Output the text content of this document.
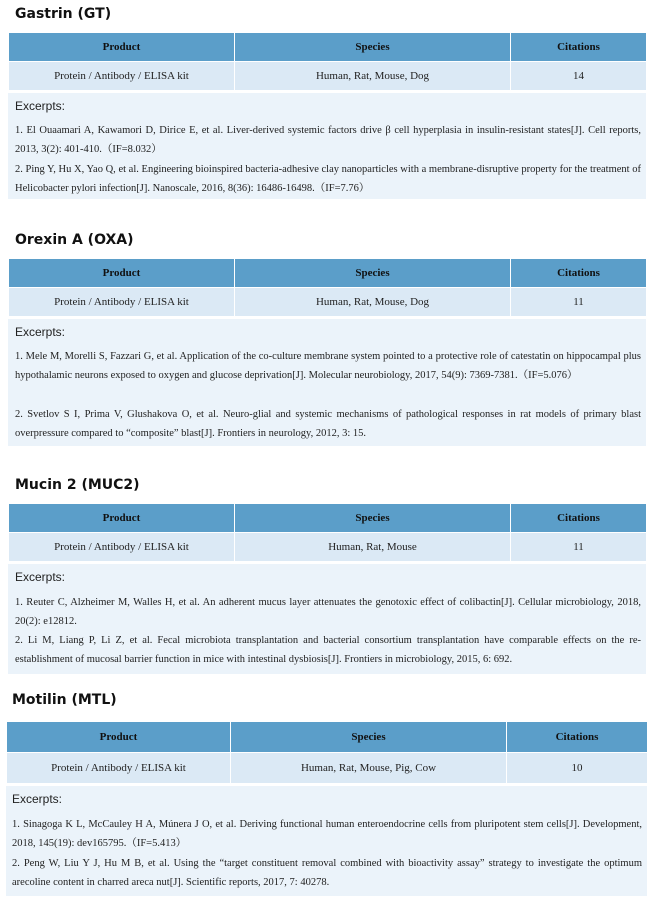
Gastrin (GT)
Product	Species	Citations
Protein / Antibody / ELISA kit	Human, Rat, Mouse, Dog	14
Excerpts:

1. El Ouaamari A, Kawamori D, Dirice E, et al. Liver-derived systemic factors drive β cell hyperplasia in insulin-resistant states[J]. Cell reports, 2013, 3(2): 401-410.（IF=8.032）

2. Ping Y, Hu X, Yao Q, et al. Engineering bioinspired bacteria-adhesive clay nanoparticles with a membrane-disruptive property for the treatment of Helicobacter pylori infection[J]. Nanoscale, 2016, 8(36): 16486-16498.（IF=7.76）

Orexin A (OXA)
Product	Species	Citations
Protein / Antibody / ELISA kit	Human, Rat, Mouse, Dog	11
Excerpts:

1. Mele M, Morelli S, Fazzari G, et al. Application of the co-culture membrane system pointed to a protective role of catestatin on hippocampal plus hypothalamic neurons exposed to oxygen and glucose deprivation[J]. Molecular neurobiology, 2017, 54(9): 7369-7381.（IF=5.076）

2. Svetlov S I, Prima V, Glushakova O, et al. Neuro-glial and systemic mechanisms of pathological responses in rat models of primary blast overpressure compared to “composite” blast[J]. Frontiers in neurology, 2012, 3: 15.

Mucin 2 (MUC2)
Product	Species	Citations
Protein / Antibody / ELISA kit	Human, Rat, Mouse	11
Excerpts:

1. Reuter C, Alzheimer M, Walles H, et al. An adherent mucus layer attenuates the genotoxic effect of colibactin[J]. Cellular microbiology, 2018, 20(2): e12812.

2. Li M, Liang P, Li Z, et al. Fecal microbiota transplantation and bacterial consortium transplantation have comparable effects on the re-establishment of mucosal barrier function in mice with intestinal dysbiosis[J]. Frontiers in microbiology, 2015, 6: 692.

Motilin (MTL)
Product	Species	Citations
Protein / Antibody / ELISA kit	Human, Rat, Mouse, Pig, Cow	10
Excerpts:

1. Sinagoga K L, McCauley H A, Múnera J O, et al. Deriving functional human enteroendocrine cells from pluripotent stem cells[J]. Development, 2018, 145(19): dev165795.（IF=5.413）

2. Peng W, Liu Y J, Hu M B, et al. Using the “target constituent removal combined with bioactivity assay” strategy to investigate the optimum arecoline content in charred areca nut[J]. Scientific reports, 2017, 7: 40278.
